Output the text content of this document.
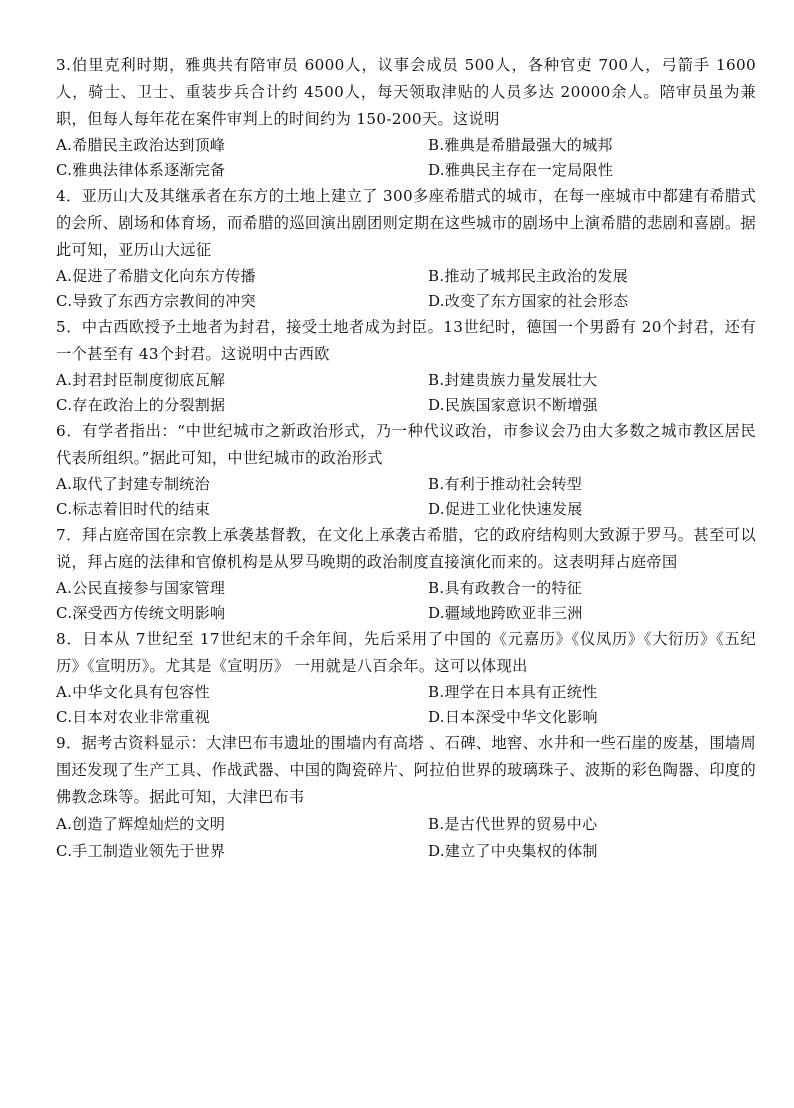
3.伯里克利时期，雅典共有陪审员 6000人，议事会成员 500人，各种官吏 700人，弓箭手 1600人，骑士、卫士、重装步兵合计约 4500人，每天领取津贴的人员多达 20000余人。陪审员虽为兼职，但每人每年花在案件审判上的时间约为 150-200天。这说明

A.希腊民主政治达到顶峰	B.雅典是希腊最强大的城邦
C.雅典法律体系逐渐完备	D.雅典民主存在一定局限性

4．亚历山大及其继承者在东方的土地上建立了 300多座希腊式的城市，在每一座城市中都建有希腊式的会所、剧场和体育场，而希腊的巡回演出剧团则定期在这些城市的剧场中上演希腊的悲剧和喜剧。据此可知，亚历山大远征

A.促进了希腊文化向东方传播	B.推动了城邦民主政治的发展
C.导致了东西方宗教间的冲突	D.改变了东方国家的社会形态

5．中古西欧授予土地者为封君，接受土地者成为封臣。13世纪时，德国一个男爵有 20个封君，还有一个甚至有 43个封君。这说明中古西欧

A.封君封臣制度彻底瓦解	B.封建贵族力量发展壮大
C.存在政治上的分裂割据	D.民族国家意识不断增强

6．有学者指出：“中世纪城市之新政治形式，乃一种代议政治，市参议会乃由大多数之城市教区居民代表所组织。”据此可知，中世纪城市的政治形式

A.取代了封建专制统治	B.有利于推动社会转型
C.标志着旧时代的结束	D.促进工业化快速发展

7．拜占庭帝国在宗教上承袭基督教，在文化上承袭古希腊，它的政府结构则大致源于罗马。甚至可以说，拜占庭的法律和官僚机构是从罗马晚期的政治制度直接演化而来的。这表明拜占庭帝国

A.公民直接参与国家管理	B.具有政教合一的特征
C.深受西方传统文明影响	D.疆域地跨欧亚非三洲

8．日本从 7世纪至 17世纪末的千余年间，先后采用了中国的《元嘉历》《仪凤历》《大衍历》《五纪历》《宣明历》。尤其是《宣明历》 一用就是八百余年。这可以体现出

A.中华文化具有包容性	B.理学在日本具有正统性
C.日本对农业非常重视	D.日本深受中华文化影响

9．据考古资料显示：大津巴布韦遗址的围墙内有高塔 、石碑、地窖、水井和一些石崖的废基，围墙周围还发现了生产工具、作战武器、中国的陶瓷碎片、阿拉伯世界的玻璃珠子、波斯的彩色陶器、印度的佛教念珠等。据此可知，大津巴布韦

A.创造了辉煌灿烂的文明	B.是古代世界的贸易中心
C.手工制造业领先于世界	D.建立了中央集权的体制
